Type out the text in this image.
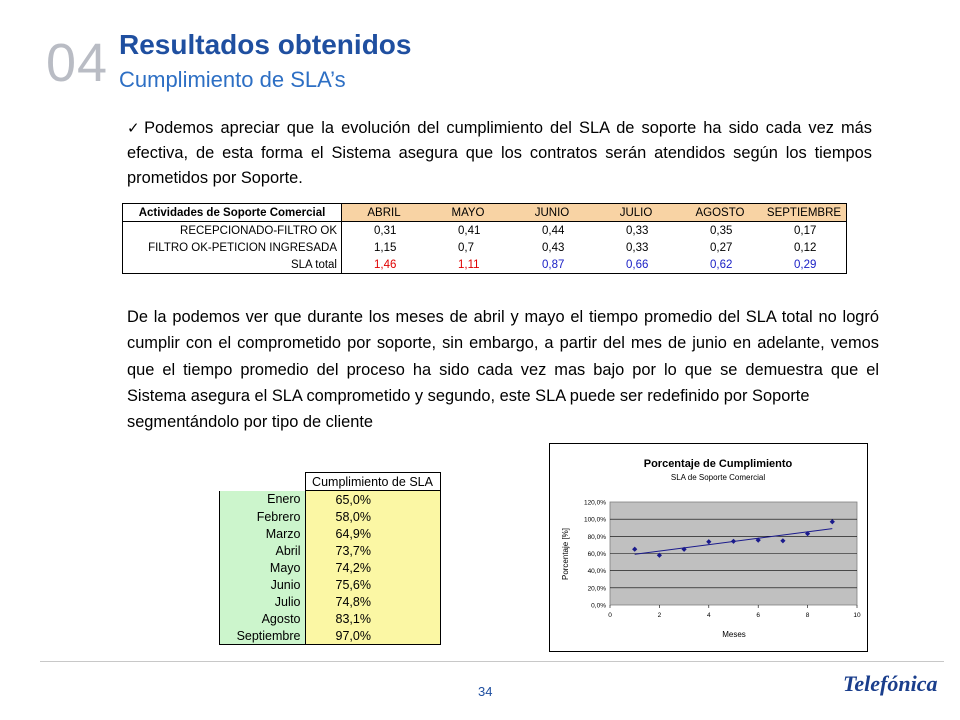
04 Resultados obtenidos
Cumplimiento de SLA’s
✓ Podemos apreciar que la evolución del cumplimiento del SLA de soporte ha sido cada vez más efectiva, de esta forma el Sistema asegura que los contratos serán atendidos según los tiempos prometidos por Soporte.
Actividades de Soporte Comercial	ABRIL	MAYO	JUNIO	JULIO	AGOSTO	SEPTIEMBRE
RECEPCIONADO-FILTRO OK	0,31	0,41	0,44	0,33	0,35	0,17
FILTRO OK-PETICION INGRESADA	1,15	0,7	0,43	0,33	0,27	0,12
SLA total	1,46	1,11	0,87	0,66	0,62	0,29
De la podemos ver que durante los meses de abril y mayo el tiempo promedio del SLA total no logró cumplir con el comprometido por soporte, sin embargo, a partir del mes de junio en adelante, vemos que el tiempo promedio del proceso ha sido cada vez mas bajo por lo que se demuestra que el Sistema asegura el SLA comprometido y segundo, este SLA puede ser redefinido por Soporte
segmentándolo por tipo de cliente
	Cumplimiento de SLA
Enero	65,0%
Febrero	58,0%
Marzo	64,9%
Abril	73,7%
Mayo	74,2%
Junio	75,6%
Julio	74,8%
Agosto	83,1%
Septiembre	97,0%
Porcentaje de Cumplimiento
SLA de Soporte Comercial
Porcentaje [%]
Meses
0,0%
20,0%
40,0%
60,0%
80,0%
100,0%
120,0%
0	2	4	6	8	10
34	Telefónica
